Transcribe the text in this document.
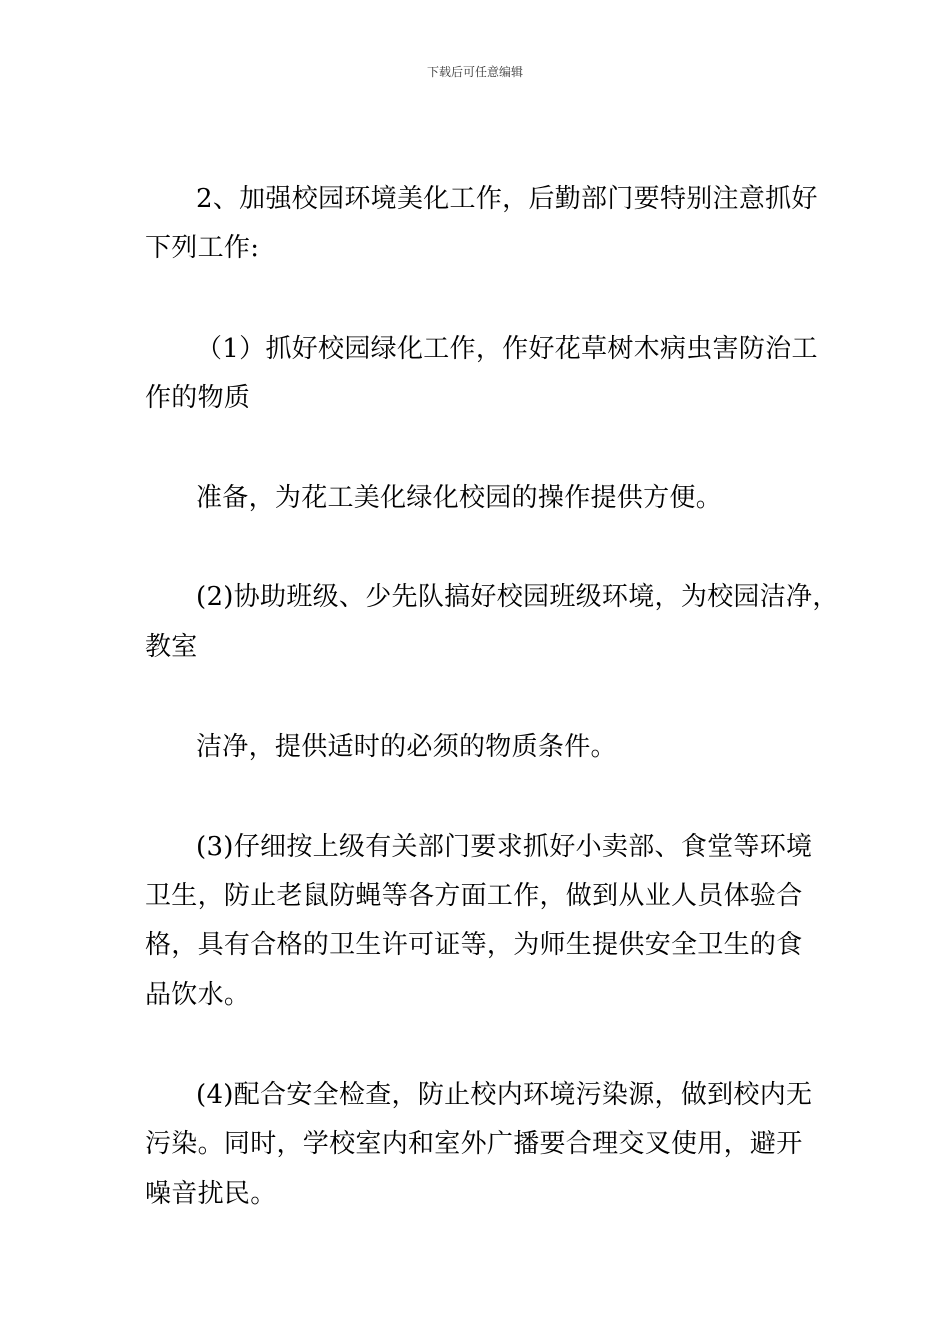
下载后可任意编辑
2、加强校园环境美化工作，后勤部门要特别注意抓好
下列工作:
（1）抓好校园绿化工作，作好花草树木病虫害防治工
作的物质
准备，为花工美化绿化校园的操作提供方便。
(2)协助班级、少先队搞好校园班级环境，为校园洁净，
教室
洁净，提供适时的必须的物质条件。
(3)仔细按上级有关部门要求抓好小卖部、食堂等环境
卫生，防止老鼠防蝇等各方面工作，做到从业人员体验合
格，具有合格的卫生许可证等，为师生提供安全卫生的食
品饮水。
(4)配合安全检查，防止校内环境污染源，做到校内无
污染。同时，学校室内和室外广播要合理交叉使用，避开
噪音扰民。
